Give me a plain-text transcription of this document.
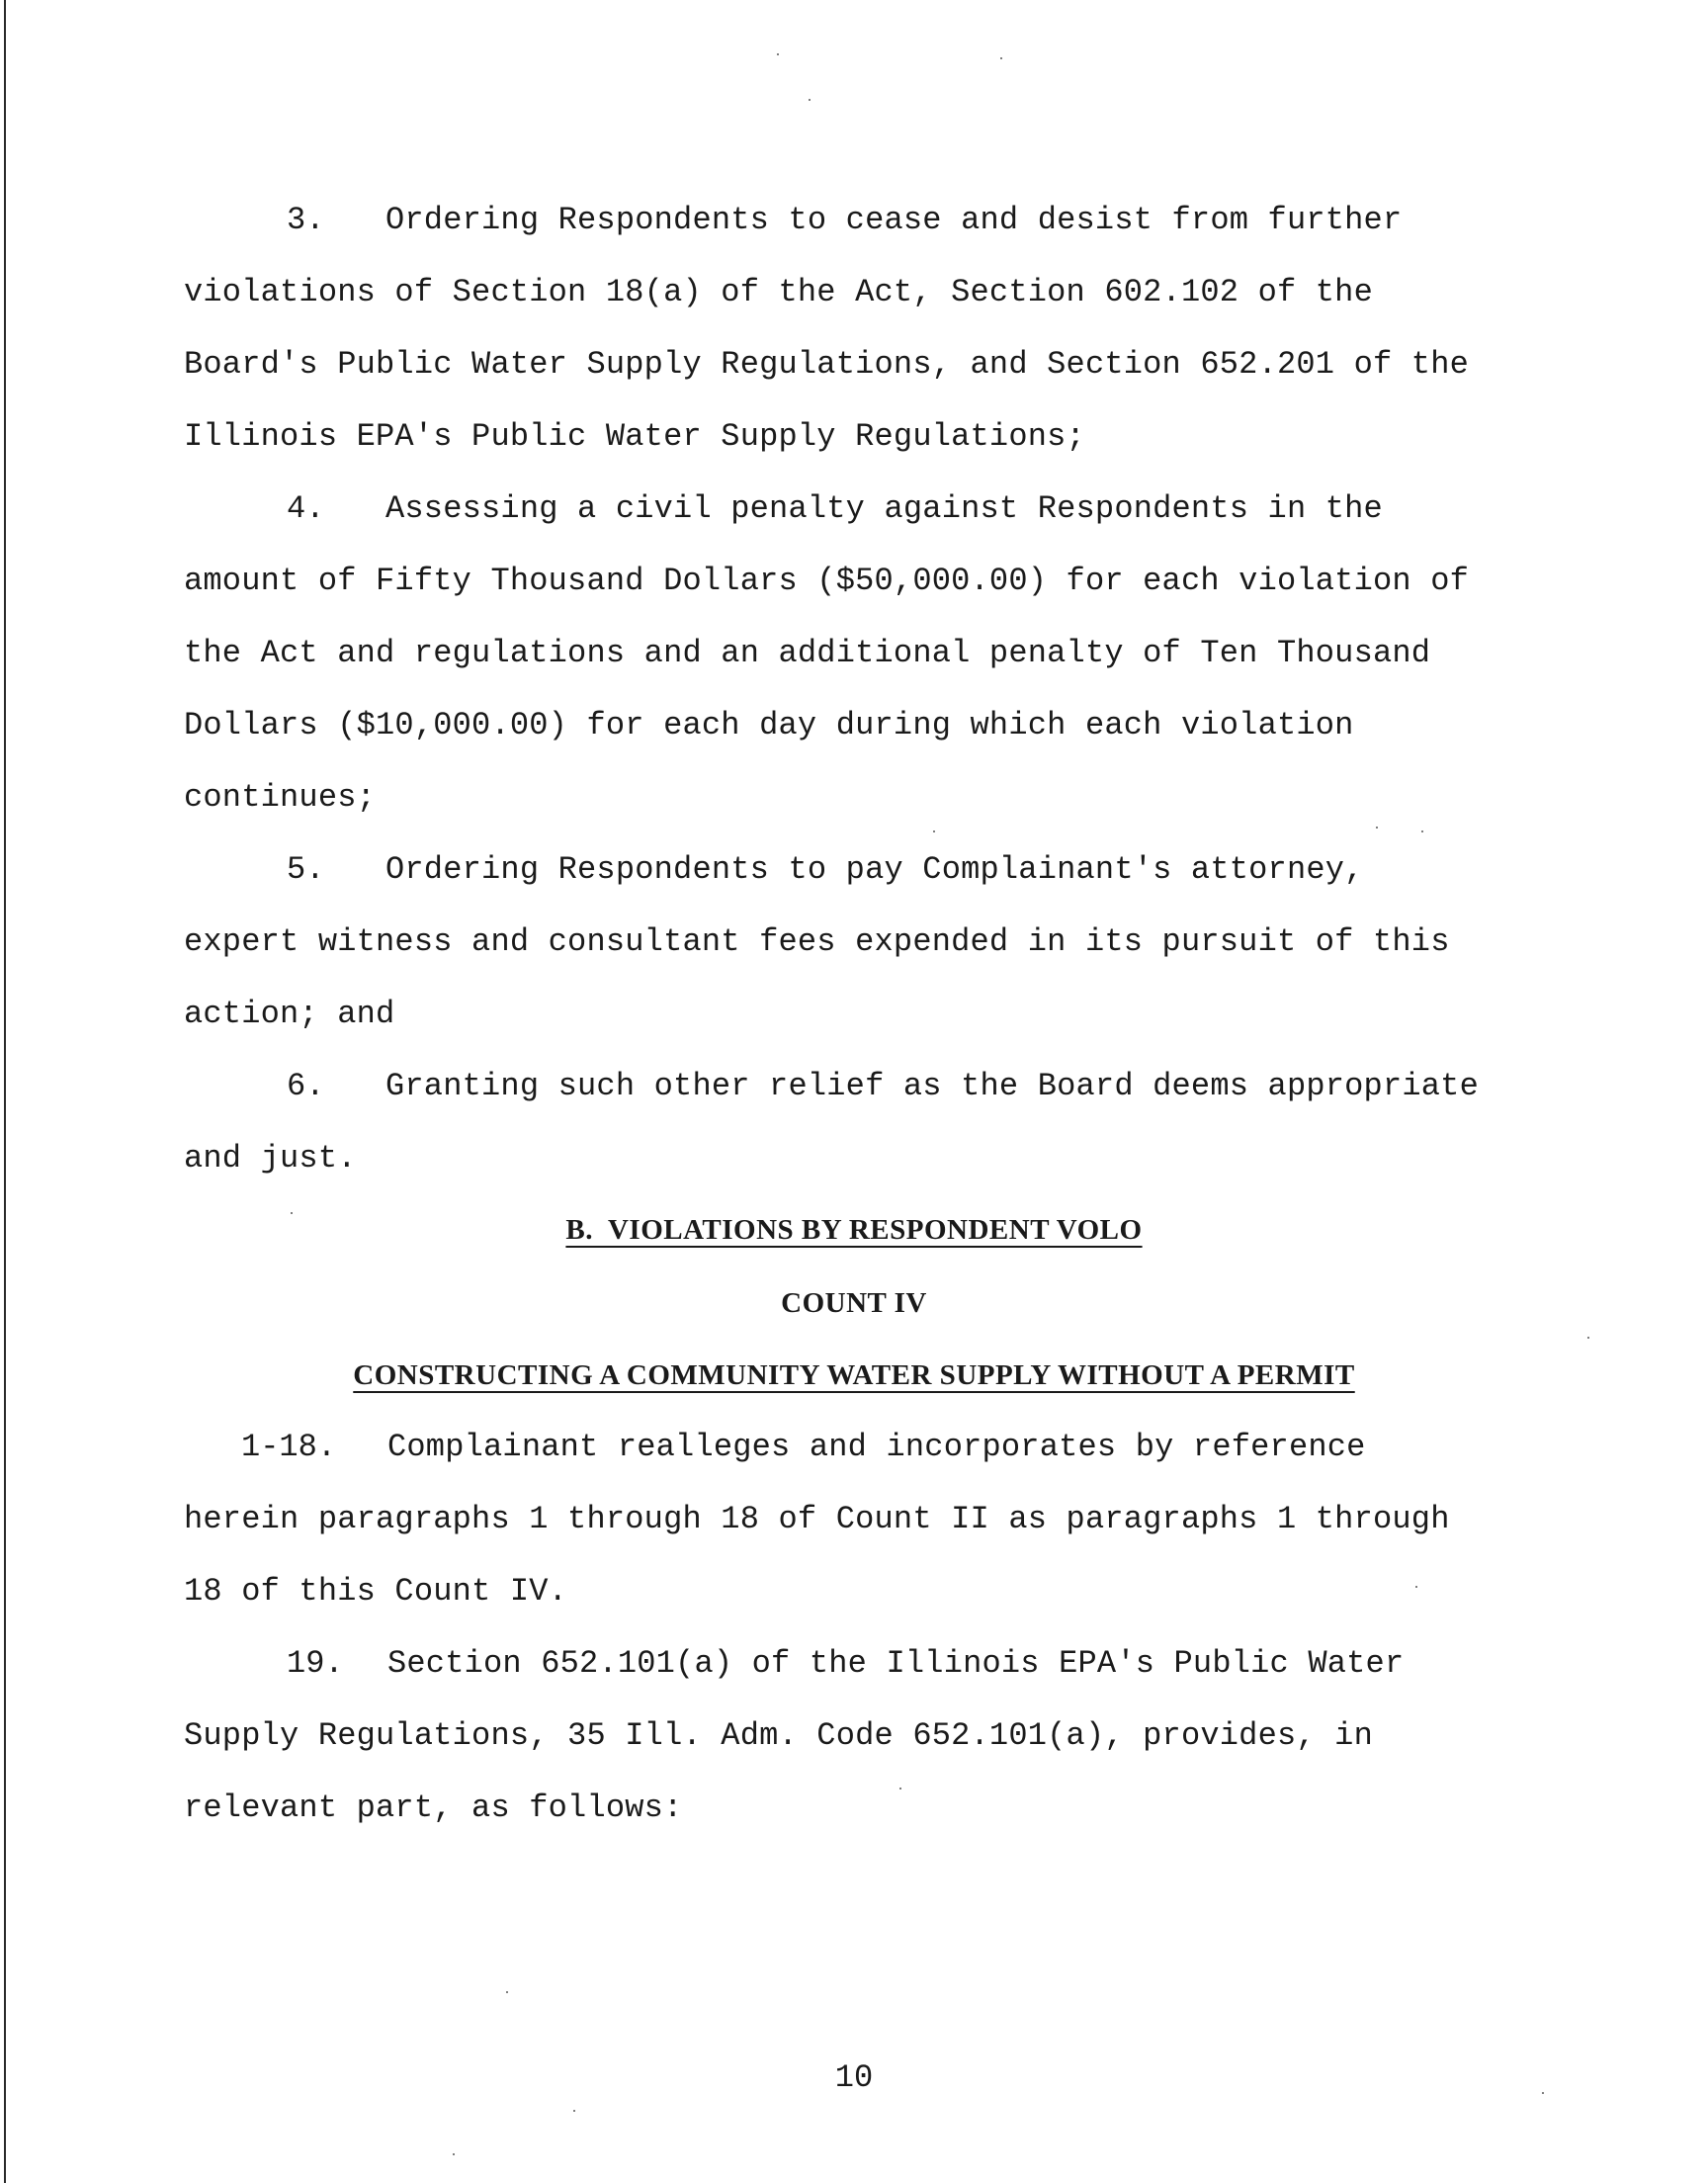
3. Ordering Respondents to cease and desist from further
violations of Section 18(a) of the Act, Section 602.102 of the
Board's Public Water Supply Regulations, and Section 652.201 of the
Illinois EPA's Public Water Supply Regulations;
4. Assessing a civil penalty against Respondents in the
amount of Fifty Thousand Dollars ($50,000.00) for each violation of
the Act and regulations and an additional penalty of Ten Thousand
Dollars ($10,000.00) for each day during which each violation
continues;
5. Ordering Respondents to pay Complainant's attorney,
expert witness and consultant fees expended in its pursuit of this
action; and
6. Granting such other relief as the Board deems appropriate
and just.
B.  VIOLATIONS BY RESPONDENT VOLO
COUNT IV
CONSTRUCTING A COMMUNITY WATER SUPPLY WITHOUT A PERMIT
1-18. Complainant realleges and incorporates by reference
herein paragraphs 1 through 18 of Count II as paragraphs 1 through
18 of this Count IV.
19. Section 652.101(a) of the Illinois EPA's Public Water
Supply Regulations, 35 Ill. Adm. Code 652.101(a), provides, in
relevant part, as follows:
10
